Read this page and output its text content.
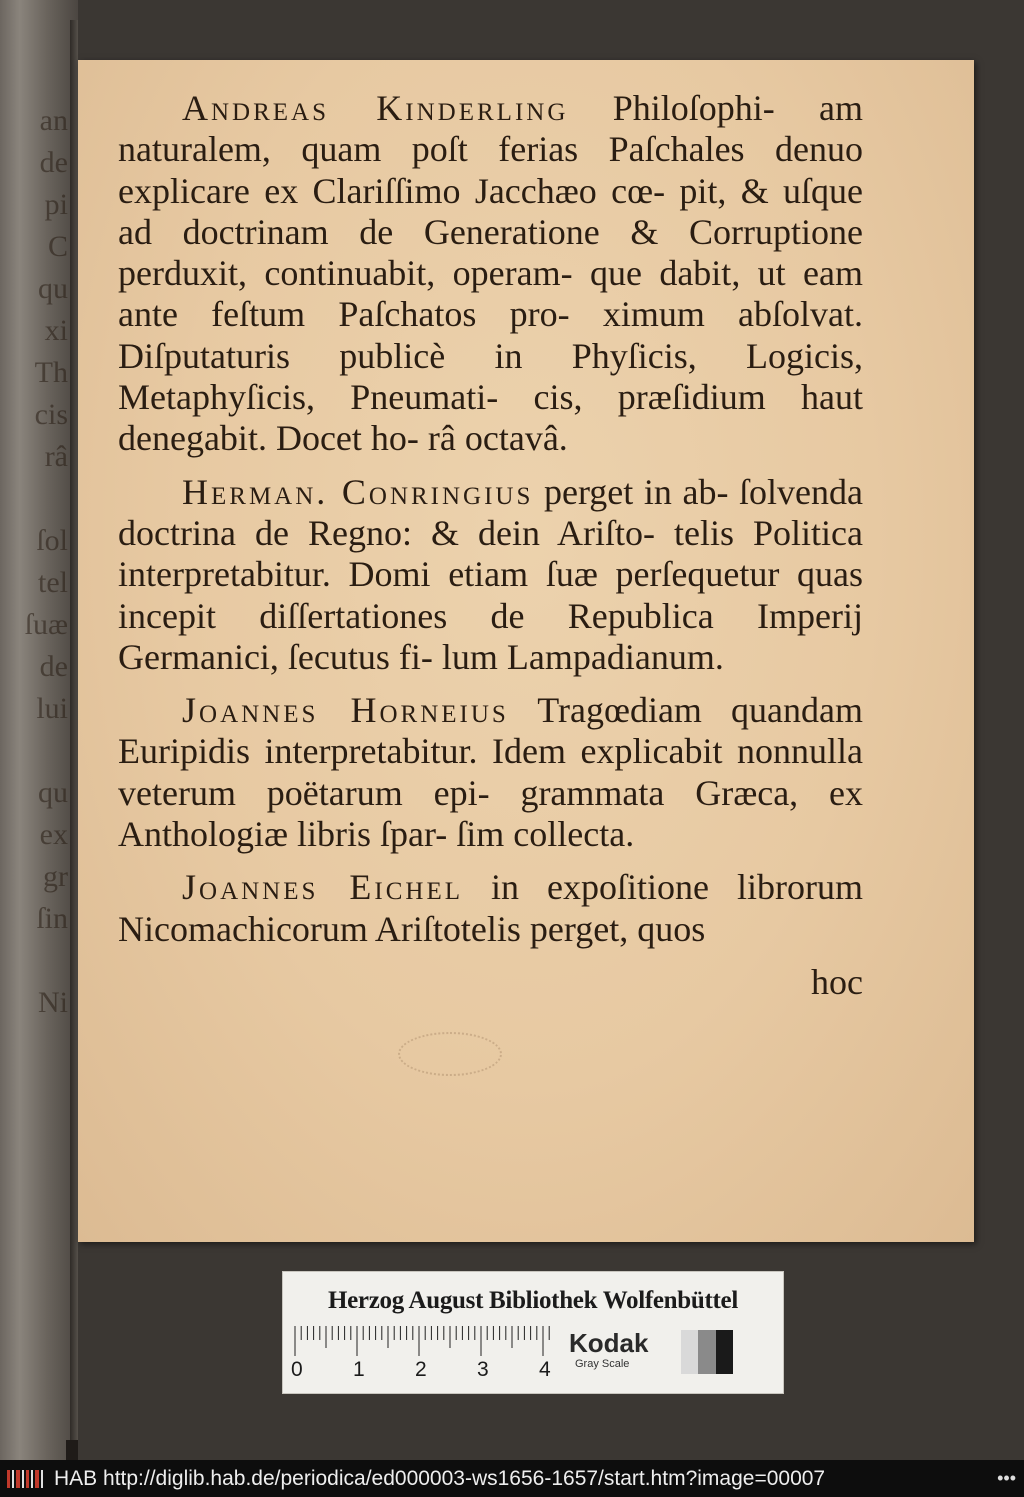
an
de
pi
C
qu
xi
Th
cis
râ

ſol
tel
ſuæ
de
lui

qu
ex
gr
ſin

Ni

Andreas Kinderling Philoſophi- am naturalem, quam poſt ferias Paſchales denuo explicare ex Clariſſimo Jacchæo cœ- pit, & uſque ad doctrinam de Generatione & Corruptione perduxit, continuabit, operam- que dabit, ut eam ante feſtum Paſchatos pro- ximum abſolvat. Diſputaturis publicè in Phyſicis, Logicis, Metaphyſicis, Pneumati- cis, præſidium haut denegabit. Docet ho- râ octavâ.

Herman. Conringius perget in ab- ſolvenda doctrina de Regno: & dein Ariſto- telis Politica interpretabitur. Domi etiam ſuæ perſequetur quas incepit diſſertationes de Republica Imperij Germanici, ſecutus fi- lum Lampadianum.

Joannes Horneius Tragœdiam quandam Euripidis interpretabitur. Idem explicabit nonnulla veterum poëtarum epi- grammata Græca, ex Anthologiæ libris ſpar- ſim collecta.

Joannes Eichel in expoſitione librorum Nicomachicorum Ariſtotelis perget, quos

hoc

Herzog August Bibliothek Wolfenbüttel
0 1 2 3 4
Kodak
Gray Scale
HAB http://diglib.hab.de/periodica/ed000003-ws1656-1657/start.htm?image=00007	•••
